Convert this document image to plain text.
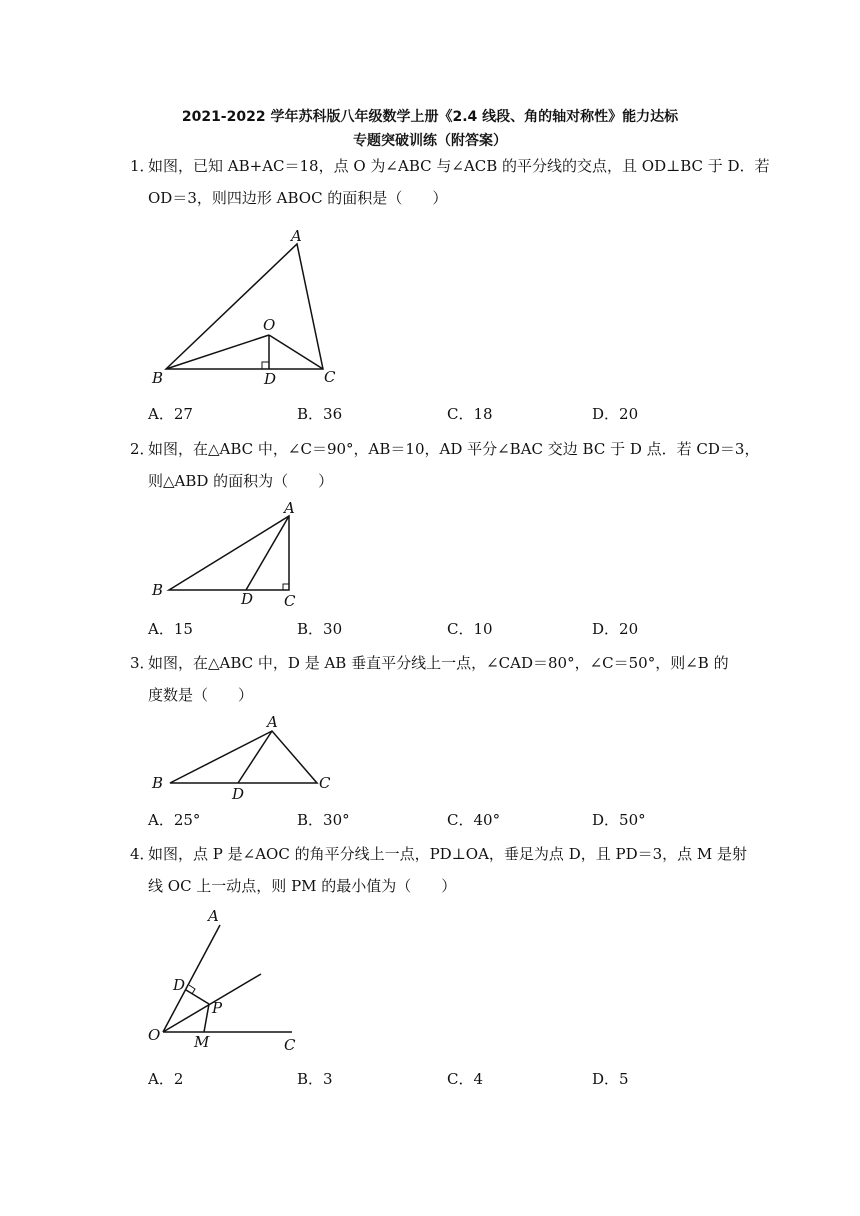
2021-2022 学年苏科版八年级数学上册《2.4 线段、角的轴对称性》能力达标
专题突破训练（附答案）
1．
如图，已知 AB+AC＝18，点 O 为∠ABC 与∠ACB 的平分线的交点，且 OD⊥BC 于 D．若
OD＝3，则四边形 ABOC 的面积是（　　）
A
O
B	D	C
A．27	B．36	C．18	D．20
2．
如图，在△ABC 中，∠C＝90°，AB＝10，AD 平分∠BAC 交边 BC 于 D 点．若 CD＝3，
则△ABD 的面积为（　　）
A
B	D C
A．15	B．30	C．10	D．20
3．
如图，在△ABC 中，D 是 AB 垂直平分线上一点，∠CAD＝80°，∠C＝50°，则∠B 的
度数是（　　）
A
B
D
C
A．25°	B．30°	C．40°	D．50°
4．
如图，点 P 是∠AOC 的角平分线上一点，PD⊥OA，垂足为点 D，且 PD＝3，点 M 是射
线 OC 上一动点，则 PM 的最小值为（　　）
A
D
P
O M	C
A．2	B．3	C．4	D．5
